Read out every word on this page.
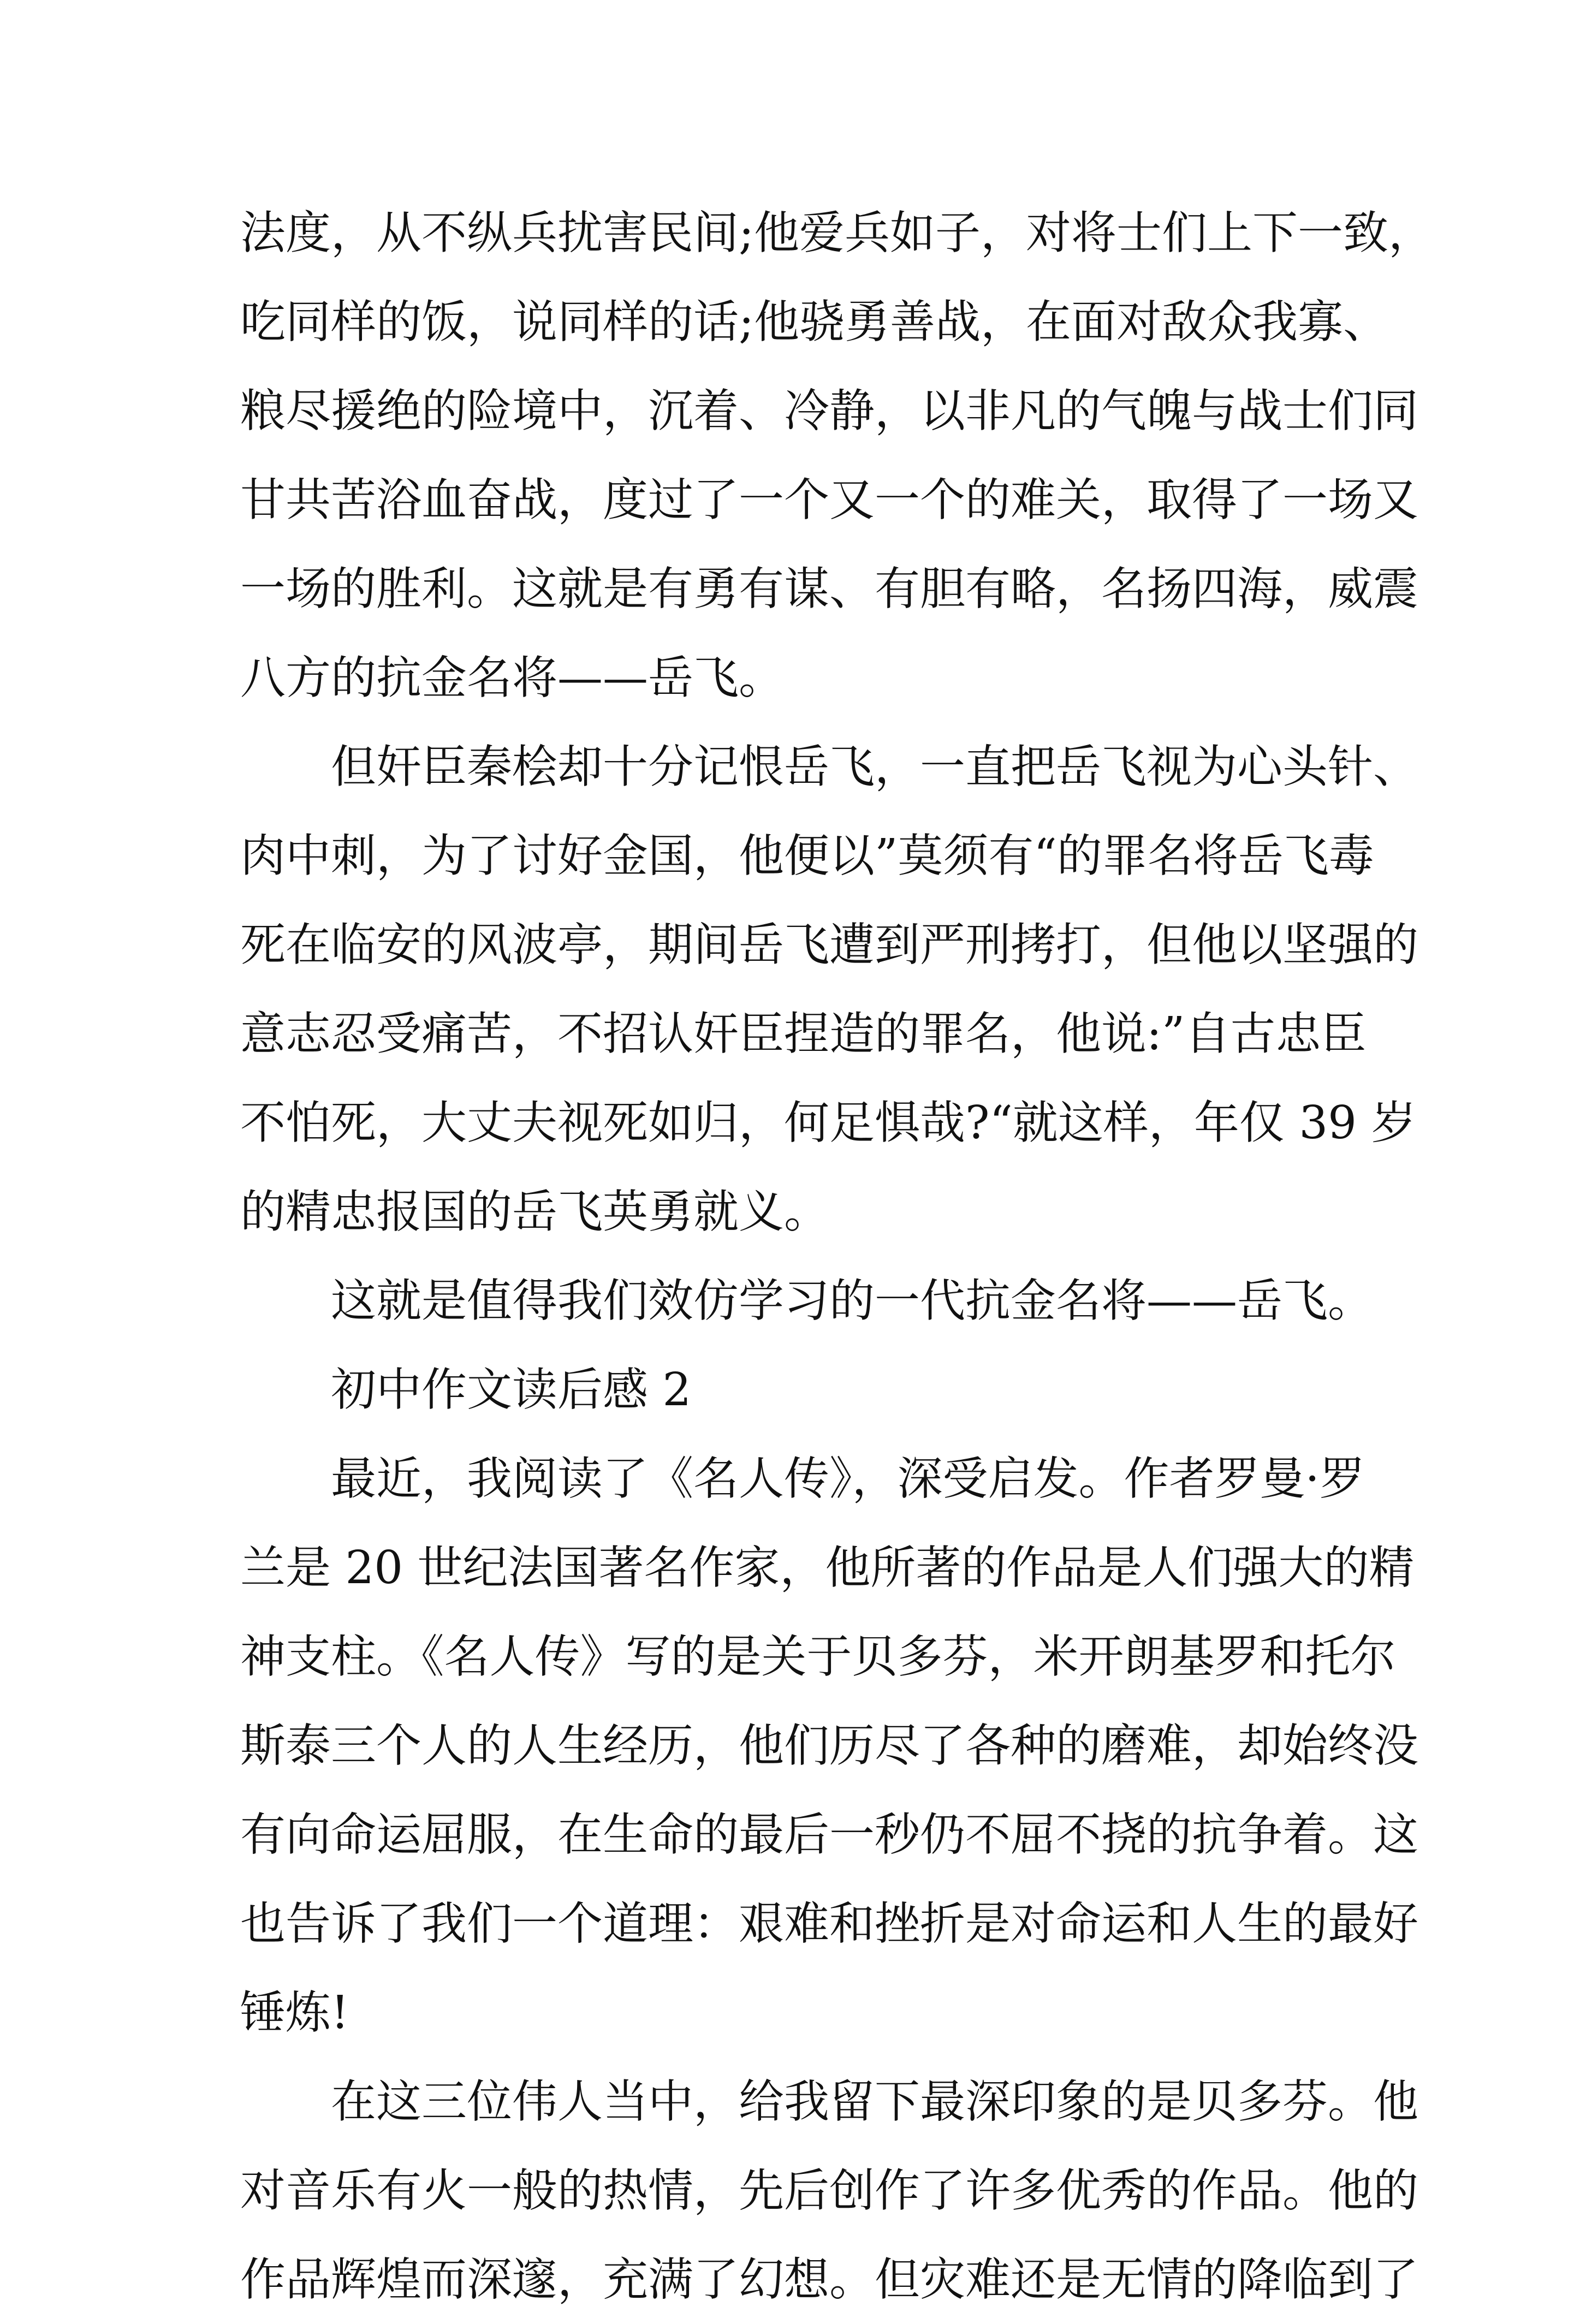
法度，从不纵兵扰害民间;他爱兵如子，对将士们上下一致，
吃同样的饭，说同样的话;他骁勇善战，在面对敌众我寡、
粮尽援绝的险境中，沉着、冷静，以非凡的气魄与战士们同
甘共苦浴血奋战，度过了一个又一个的难关，取得了一场又
一场的胜利。这就是有勇有谋、有胆有略，名扬四海，威震
八方的抗金名将——岳飞。

但奸臣秦桧却十分记恨岳飞，一直把岳飞视为心头针、
肉中刺，为了讨好金国，他便以”莫须有“的罪名将岳飞毒
死在临安的风波亭，期间岳飞遭到严刑拷打，但他以坚强的
意志忍受痛苦，不招认奸臣捏造的罪名，他说:”自古忠臣
不怕死，大丈夫视死如归，何足惧哉?“就这样，年仅 39 岁
的精忠报国的岳飞英勇就义。

这就是值得我们效仿学习的一代抗金名将——岳飞。

初中作文读后感 2

最近，我阅读了《名人传》，深受启发。作者罗曼·罗
兰是 20 世纪法国著名作家，他所著的作品是人们强大的精
神支柱。《名人传》写的是关于贝多芬，米开朗基罗和托尔
斯泰三个人的人生经历，他们历尽了各种的磨难，却始终没
有向命运屈服，在生命的最后一秒仍不屈不挠的抗争着。这
也告诉了我们一个道理：艰难和挫折是对命运和人生的最好
锤炼!

在这三位伟人当中，给我留下最深印象的是贝多芬。他
对音乐有火一般的热情，先后创作了许多优秀的作品。他的
作品辉煌而深邃，充满了幻想。但灾难还是无情的降临到了
